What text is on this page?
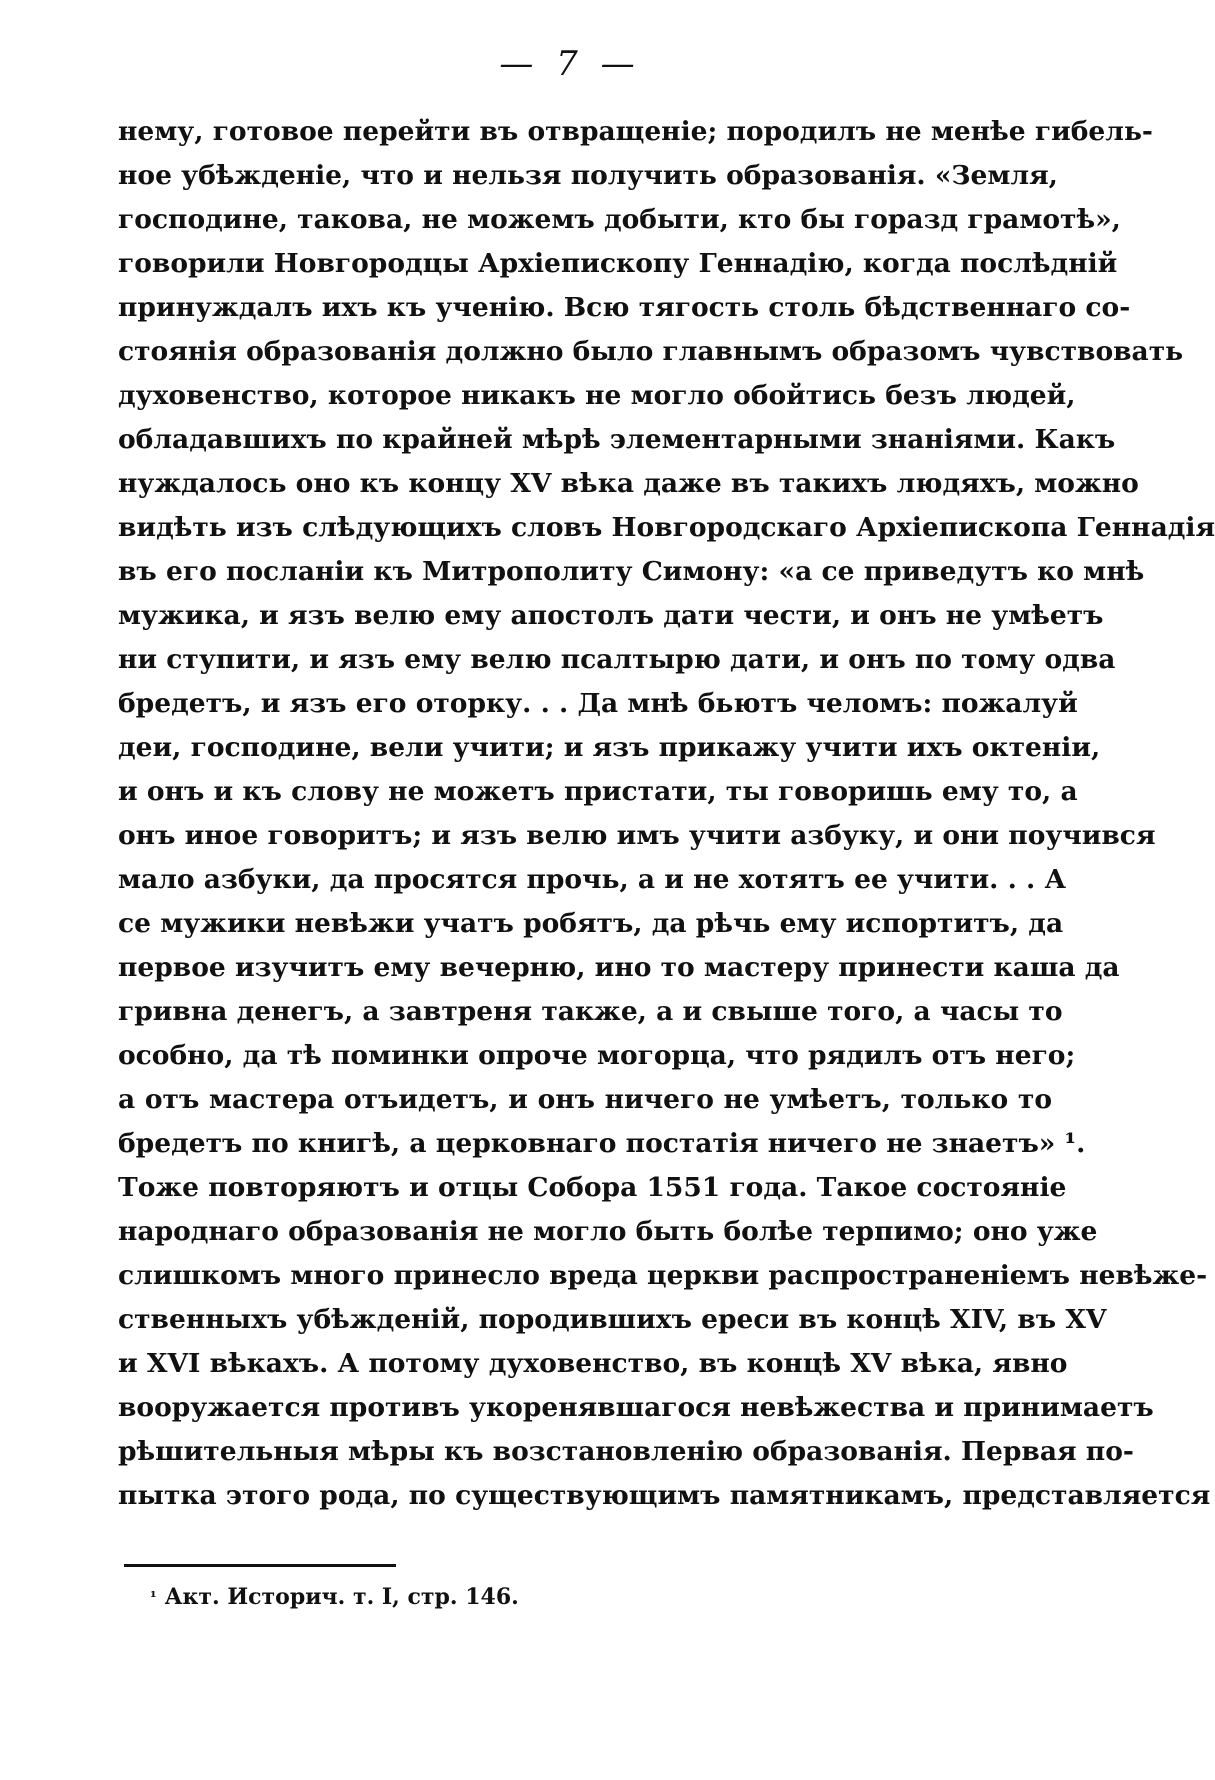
— 7 —
нему, готовое перейти въ отвращеніе; породилъ не менѣе гибель-
ное убѣжденіе, что и нельзя получить образованія. «Земля,
господине, такова, не можемъ добыти, кто бы горазд грамотѣ»,
говорили Новгородцы Архіепископу Геннадію, когда послѣдній
принуждалъ ихъ къ ученію. Всю тягость столь бѣдственнаго со-
стоянія образованія должно было главнымъ образомъ чувствовать
духовенство, которое никакъ не могло обойтись безъ людей,
обладавшихъ по крайней мѣрѣ элементарными знаніями. Какъ
нуждалось оно къ концу XV вѣка даже въ такихъ людяхъ, можно
видѣть изъ слѣдующихъ словъ Новгородскаго Архіепископа Геннадія
въ его посланіи къ Митрополиту Симону: «а се приведутъ ко мнѣ
мужика, и язъ велю ему апостолъ дати чести, и онъ не умѣетъ
ни ступити, и язъ ему велю псалтырю дати, и онъ по тому одва
бредетъ, и язъ его оторку. . . Да мнѣ бьютъ челомъ: пожалуй
деи, господине, вели учити; и язъ прикажу учити ихъ октеніи,
и онъ и къ слову не можетъ пристати, ты говоришь ему то, а
онъ иное говоритъ; и язъ велю имъ учити азбуку, и они поучився
мало азбуки, да просятся прочь, а и не хотятъ ее учити. . . А
се мужики невѣжи учатъ робятъ, да рѣчь ему испортитъ, да
первое изучитъ ему вечерню, ино то мастеру принести каша да
гривна денегъ, а завтреня также, а и свыше того, а часы то
особно, да тѣ поминки опроче могорца, что рядилъ отъ него;
а отъ мастера отъидетъ, и онъ ничего не умѣетъ, только то
бредетъ по книгѣ, а церковнаго постатія ничего не знаетъ» ¹.
Тоже повторяютъ и отцы Собора 1551 года. Такое состояніе
народнаго образованія не могло быть болѣе терпимо; оно уже
слишкомъ много принесло вреда церкви распространеніемъ невѣже-
ственныхъ убѣжденій, породившихъ ереси въ концѣ XIV, въ XV
и XVI вѣкахъ. А потому духовенство, въ концѣ XV вѣка, явно
вооружается противъ укоренявшагося невѣжества и принимаетъ
рѣшительныя мѣры къ возстановленію образованія. Первая по-
пытка этого рода, по существующимъ памятникамъ, представляется
$^{^1}$ Акт. Историч. т. I, стр. 146.
